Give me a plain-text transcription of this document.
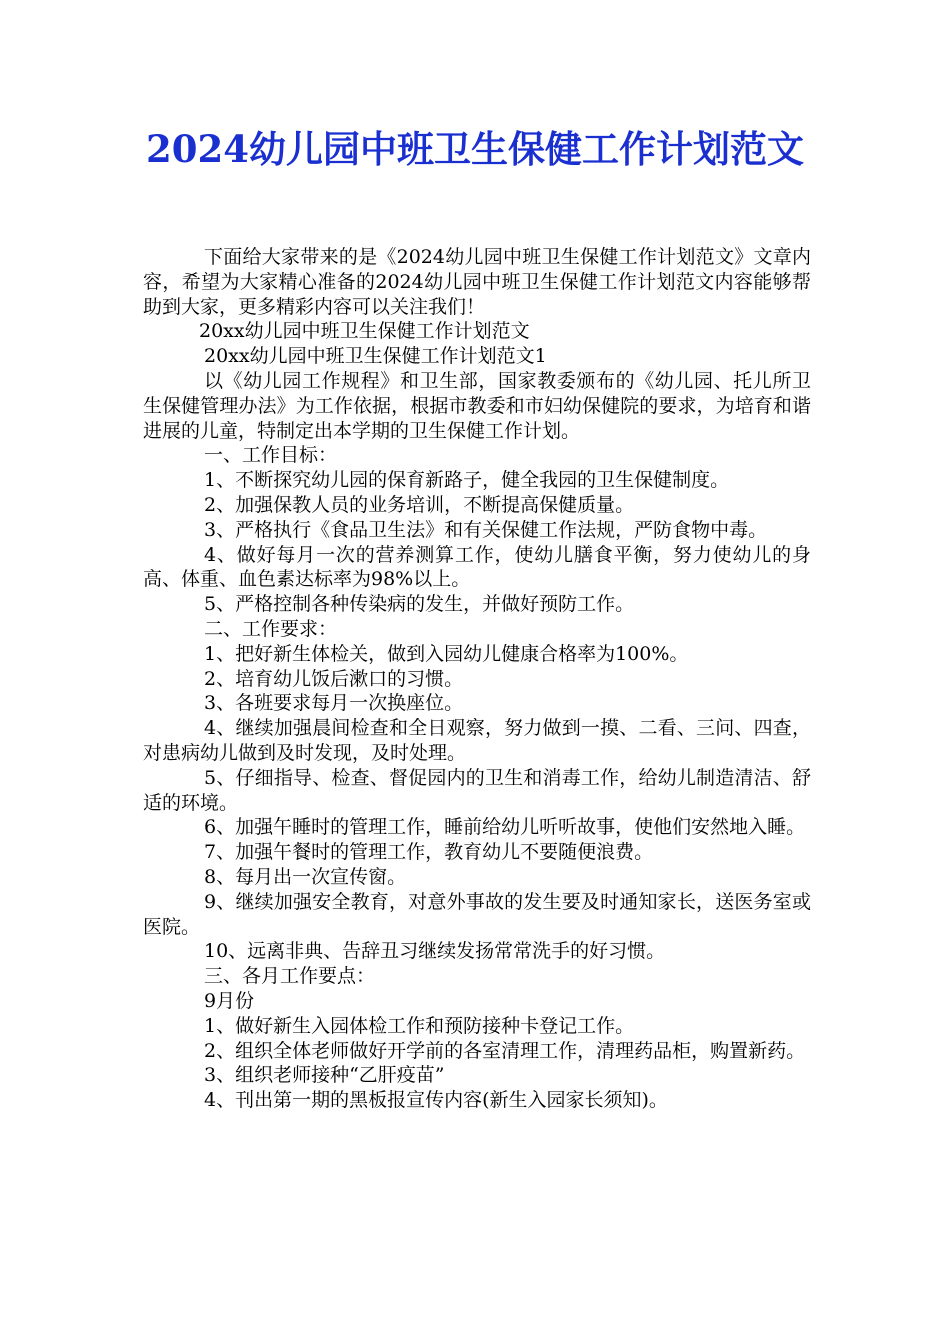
2024幼儿园中班卫生保健工作计划范文

下面给大家带来的是《2024幼儿园中班卫生保健工作计划范文》文章内容，希望为大家精心准备的2024幼儿园中班卫生保健工作计划范文内容能够帮助到大家，更多精彩内容可以关注我们！

20xx幼儿园中班卫生保健工作计划范文

20xx幼儿园中班卫生保健工作计划范文1

以《幼儿园工作规程》和卫生部，国家教委颁布的《幼儿园、托儿所卫生保健管理办法》为工作依据，根据市教委和市妇幼保健院的要求，为培育和谐进展的儿童，特制定出本学期的卫生保健工作计划。

一、工作目标：

1、不断探究幼儿园的保育新路子，健全我园的卫生保健制度。

2、加强保教人员的业务培训，不断提高保健质量。

3、严格执行《食品卫生法》和有关保健工作法规，严防食物中毒。

4、做好每月一次的营养测算工作，使幼儿膳食平衡，努力使幼儿的身高、体重、血色素达标率为98%以上。

5、严格控制各种传染病的发生，并做好预防工作。

二、工作要求：

1、把好新生体检关，做到入园幼儿健康合格率为100%。

2、培育幼儿饭后漱口的习惯。

3、各班要求每月一次换座位。

4、继续加强晨间检查和全日观察，努力做到一摸、二看、三问、四查，对患病幼儿做到及时发现，及时处理。

5、仔细指导、检查、督促园内的卫生和消毒工作，给幼儿制造清洁、舒适的环境。

6、加强午睡时的管理工作，睡前给幼儿听听故事，使他们安然地入睡。

7、加强午餐时的管理工作，教育幼儿不要随便浪费。

8、每月出一次宣传窗。

9、继续加强安全教育，对意外事故的发生要及时通知家长，送医务室或医院。

10、远离非典、告辞丑习继续发扬常常洗手的好习惯。

三、各月工作要点：

9月份

1、做好新生入园体检工作和预防接种卡登记工作。

2、组织全体老师做好开学前的各室清理工作，清理药品柜，购置新药。

3、组织老师接种“乙肝疫苗”

4、刊出第一期的黑板报宣传内容(新生入园家长须知)。
